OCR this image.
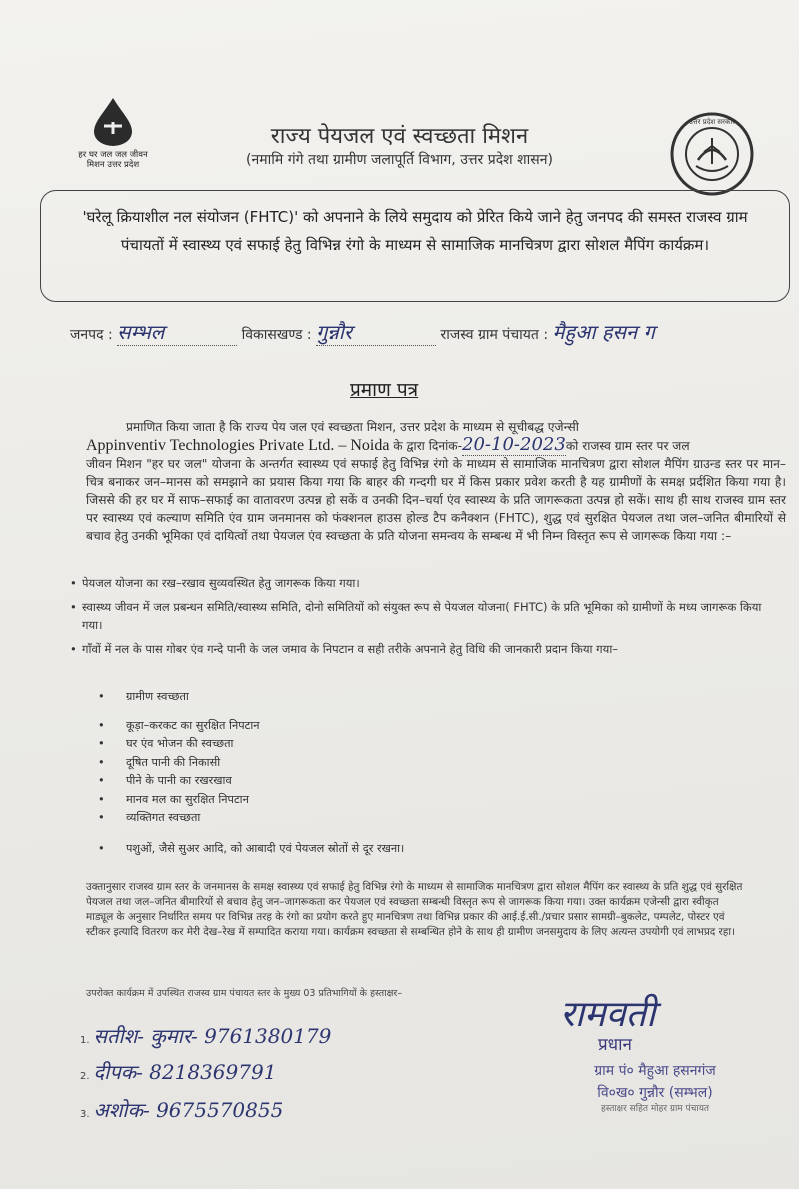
हर घर जल जल जीवन मिशन उत्तर प्रदेश
उत्तर प्रदेश सरकार
राज्य पेयजल एवं स्वच्छता मिशन
(नमामि गंगे तथा ग्रामीण जलापूर्ति विभाग, उत्तर प्रदेश शासन)
'घरेलू क्रियाशील नल संयोजन (FHTC)' को अपनाने के लिये समुदाय को प्रेरित किये जाने हेतु जनपद की समस्त राजस्व ग्राम पंचायतों में स्वास्थ्य एवं सफाई हेतु विभिन्न रंगो के माध्यम से सामाजिक मानचित्रण द्वारा सोशल मैपिंग कार्यक्रम।
जनपद : सम्भल	विकासखण्ड : गुन्नौर	राजस्व ग्राम पंचायत : मैहुआ हसन ग
प्रमाण पत्र
प्रमाणित किया जाता है कि राज्य पेय जल एवं स्वच्छता मिशन, उत्तर प्रदेश के माध्यम से सूचीबद्ध एजेन्सी
Appinventiv Technologies Private Ltd. – Noida के द्वारा दिनांक-20-10-2023को राजस्व ग्राम स्तर पर जल
जीवन मिशन "हर घर जल" योजना के अन्तर्गत स्वास्थ्य एवं सफाई हेतु विभिन्न रंगो के माध्यम से सामाजिक मानचित्रण द्वारा सोशल मैपिंग ग्राउन्ड स्तर पर मान–चित्र बनाकर जन–मानस को समझाने का प्रयास किया गया कि बाहर की गन्दगी घर में किस प्रकार प्रवेश करती है यह ग्रामीणों के समक्ष प्रर्दशित किया गया है। जिससे की हर घर में साफ–सफाई का वातावरण उत्पन्न हो सकें व उनकी दिन–चर्या एंव स्वास्थ्य के प्रति जागरूकता उत्पन्न हो सकें। साथ ही साथ राजस्व ग्राम स्तर पर स्वास्थ्य एवं कल्याण समिति एंव ग्राम जनमानस को फंक्शनल हाउस होल्ड टैप कनैक्शन (FHTC), शुद्ध एवं सुरक्षित पेयजल तथा जल–जनित बीमारियों से बचाव हेतु उनकी भूमिका एवं दायित्वों तथा पेयजल एंव स्वच्छता के प्रति योजना समन्वय के सम्बन्ध में भी निम्न विस्तृत रूप से जागरूक किया गया :–
• पेयजल योजना का रख–रखाव सुव्यवस्थित हेतु जागरूक किया गया।
• स्वास्थ्य जीवन में जल प्रबन्धन समिति/स्वास्थ्य समिति, दोनो समितियों को संयुक्त रूप से पेयजल योजना( FHTC) के प्रति भूमिका को ग्रामीणों के मध्य जागरूक किया गया।
• गाँवों में नल के पास गोबर एंव गन्दे पानी के जल जमाव के निपटान व सही तरीके अपनाने हेतु विधि की जानकारी प्रदान किया गया–
• ग्रामीण स्वच्छता
• कूड़ा–करकट का सुरक्षित निपटान
• घर एंव भोजन की स्वच्छता
• दूषित पानी की निकासी
• पीने के पानी का रखरखाव
• मानव मल का सुरक्षित निपटान
• व्यक्तिगत स्वच्छता
• पशुओं, जैसे सुअर आदि, को आबादी एवं पेयजल स्रोतों से दूर रखना।
उक्तानुसार राजस्व ग्राम स्तर के जनमानस के समक्ष स्वास्थ्य एवं सफाई हेतु विभिन्न रंगो के माध्यम से सामाजिक मानचित्रण द्वारा सोशल मैपिंग कर स्वास्थ्य के प्रति शुद्ध एवं सुरक्षित पेयजल तथा जल–जनित बीमारियों से बचाव हेतु जन–जागरूकता कर पेयजल एवं स्वच्छता सम्बन्धी विस्तृत रूप से जागरूक किया गया। उक्त कार्यक्रम एजेन्सी द्वारा स्वीकृत माड्यूल के अनुसार निर्धारित समय पर विभिन्न तरह के रंगो का प्रयोग करते हुए मानचित्रण तथा विभिन्न प्रकार की आई.ई.सी./प्रचार प्रसार सामग्री–बुकलेट, पम्पलेट, पोस्टर एवं स्टीकर इत्यादि वितरण कर मेरी देख–रेख में सम्पादित कराया गया। कार्यक्रम स्वच्छता से सम्बन्धित होने के साथ ही ग्रामीण जनसमुदाय के लिए अत्यन्त उपयोगी एवं लाभप्रद रहा।
उपरोक्त कार्यक्रम में उपस्थित राजस्व ग्राम पंचायत स्तर के मुख्य 03 प्रतिभागियों के हस्ताक्षर–
1. सतीश- कुमार- 9761380179
2. दीपक- 8218369791
3. अशोक- 9675570855
रामवती
प्रधान
ग्राम पं० मैहुआ हसनगंज
वि०ख० गुन्नौर (सम्भल)
हस्ताक्षर सहित मोहर ग्राम पंचायत
